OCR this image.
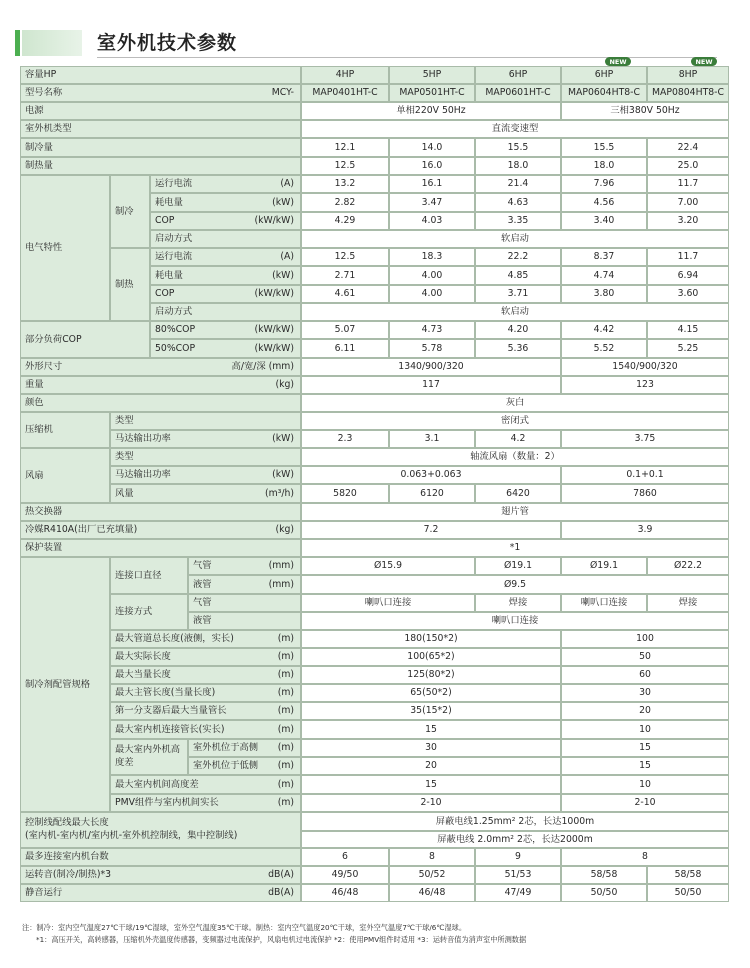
室外机技术参数
容量HP	4HP	5HP	6HP	6HP	8HP
型号名称	MCY-	MAP0401HT-C	MAP0501HT-C	MAP0601HT-C	MAP0604HT8-C	MAP0804HT8-C
NEW	NEW
电源	单相220V 50Hz	三相380V 50Hz
室外机类型	直流变速型
制冷量	12.1	14.0	15.5	15.5	22.4
制热量	12.5	16.0	18.0	18.0	25.0
电气特性
制冷
运行电流	(A)	13.2	16.1	21.4	7.96	11.7
耗电量	(kW)	2.82	3.47	4.63	4.56	7.00
COP	(kW/kW)	4.29	4.03	3.35	3.40	3.20
启动方式	软启动
制热
运行电流	(A)	12.5	18.3	22.2	8.37	11.7
耗电量	(kW)	2.71	4.00	4.85	4.74	6.94
COP	(kW/kW)	4.61	4.00	3.71	3.80	3.60
启动方式	软启动
部分负荷COP
80%COP	(kW/kW)	5.07	4.73	4.20	4.42	4.15
50%COP	(kW/kW)	6.11	5.78	5.36	5.52	5.25
外形尺寸	高/宽/深 (mm)	1340/900/320	1540/900/320
重量	(kg)	117	123
颜色	灰白
压缩机
类型	密闭式
马达输出功率	(kW)	2.3	3.1	4.2	3.75
风扇
类型	轴流风扇（数量：2）
马达输出功率	(kW)	0.063+0.063	0.1+0.1
风量	(m³/h)	5820	6120	6420	7860
热交换器	翅片管
冷媒R410A(出厂已充填量)	(kg)	7.2	3.9
保护装置	*1
制冷剂配管规格
连接口直径
气管	(mm)	Ø15.9	Ø19.1	Ø19.1	Ø22.2
液管	(mm)	Ø9.5
连接方式
气管	喇叭口连接	焊接	喇叭口连接	焊接
液管	喇叭口连接
最大管道总长度(液侧，实长)	(m)	180(150*2)	100
最大实际长度	(m)	100(65*2)	50
最大当量长度	(m)	125(80*2)	60
最大主管长度(当量长度)	(m)	65(50*2)	30
第一分支器后最大当量管长	(m)	35(15*2)	20
最大室内机连接管长(实长)	(m)	15	10
最大室内外机高度差
室外机位于高侧 (m)	30	15
室外机位于低侧 (m)	20	15
最大室内机间高度差	(m)	15	10
PMV组件与室内机间实长	(m)	2-10	2-10
控制线配线最大长度
(室内机-室内机/室内机-室外机控制线，集中控制线)
屏蔽电线1.25mm² 2芯，长达1000m
屏蔽电线 2.0mm² 2芯，长达2000m
最多连接室内机台数	6	8	9	8
运转音(制冷/制热)*3	dB(A)	49/50	50/52	51/53	58/58	58/58
静音运行	dB(A)	46/48	46/48	47/49	50/50	50/50
注：制冷：室内空气温度27℃干球/19℃湿球，室外空气温度35℃干球。制热：室内空气温度20℃干球，室外空气温度7℃干球/6℃湿球。
*1：高压开关，高转感器，压缩机外壳温度传感器，变频器过电流保护，风扇电机过电流保护 *2：使用PMV组件时适用 *3：运转音值为消声室中所测数据
